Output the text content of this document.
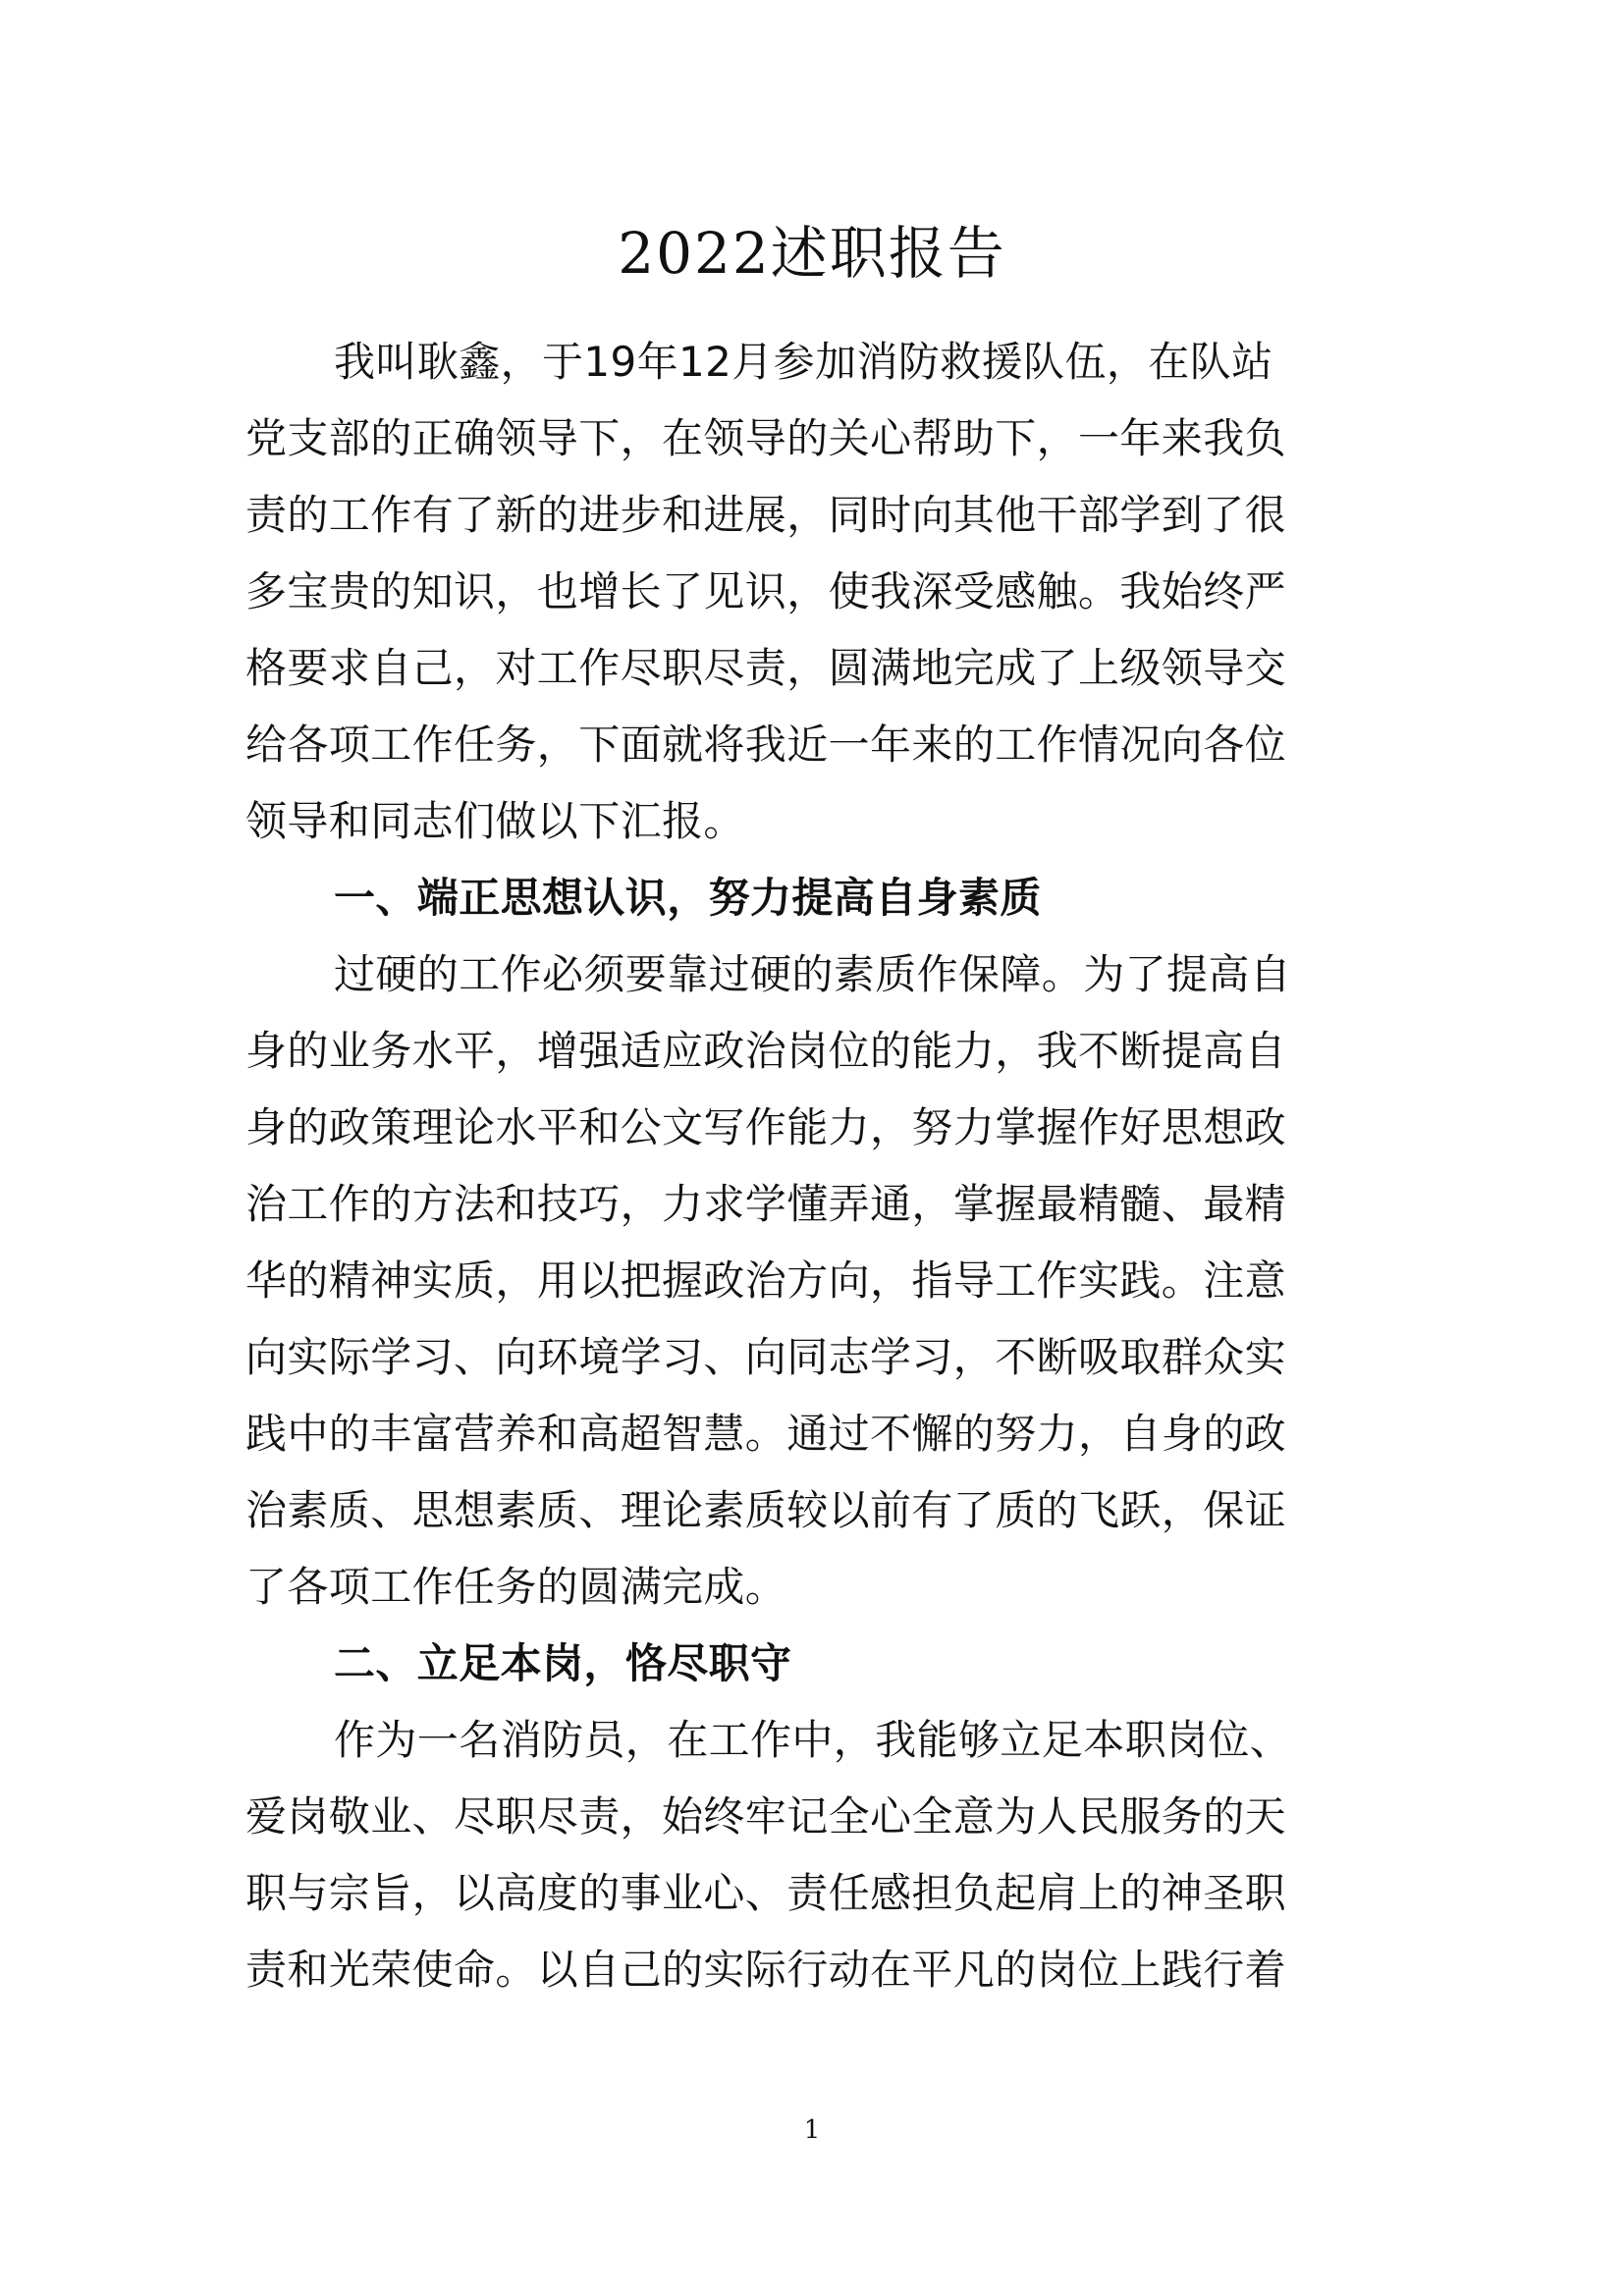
2022述职报告
我叫耿鑫，于19年12月参加消防救援队伍，在队站
党支部的正确领导下，在领导的关心帮助下，一年来我负
责的工作有了新的进步和进展，同时向其他干部学到了很
多宝贵的知识，也增长了见识，使我深受感触。我始终严
格要求自己，对工作尽职尽责，圆满地完成了上级领导交
给各项工作任务，下面就将我近一年来的工作情况向各位
领导和同志们做以下汇报。
一、端正思想认识，努力提高自身素质
过硬的工作必须要靠过硬的素质作保障。为了提高自
身的业务水平，增强适应政治岗位的能力，我不断提高自
身的政策理论水平和公文写作能力，努力掌握作好思想政
治工作的方法和技巧，力求学懂弄通，掌握最精髓、最精
华的精神实质，用以把握政治方向，指导工作实践。注意
向实际学习、向环境学习、向同志学习，不断吸取群众实
践中的丰富营养和高超智慧。通过不懈的努力，自身的政
治素质、思想素质、理论素质较以前有了质的飞跃，保证
了各项工作任务的圆满完成。
二、立足本岗，恪尽职守
作为一名消防员，在工作中，我能够立足本职岗位、
爱岗敬业、尽职尽责，始终牢记全心全意为人民服务的天
职与宗旨，以高度的事业心、责任感担负起肩上的神圣职
责和光荣使命。以自己的实际行动在平凡的岗位上践行着
1
